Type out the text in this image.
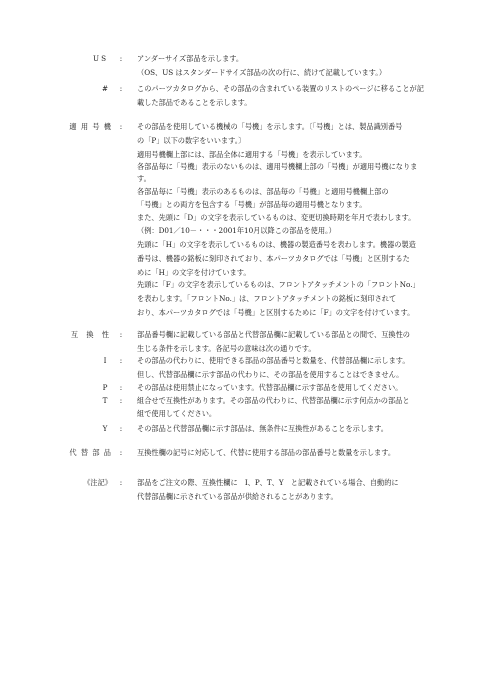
US : アンダーサイズ部品を示します。
（OS、US はスタンダードサイズ部品の次の行に、続けて記載しています。）
# : このパーツカタログから、その部品の含まれている装置のリストのページに移ることが記
載した部品であることを示します。
適 用 号 機 : その部品を使用している機械の「号機」を示します。〔「号機」とは、製品識別番号
の「P」以下の数字をいいます。〕
適用号機欄上部には、部品全体に適用する「号機」を表示しています。
各部品毎に「号機」表示のないものは、適用号機欄上部の「号機」が適用号機になりま
す。
各部品毎に「号機」表示のあるものは、部品毎の「号機」と適用号機欄上部の
「号機」との両方を包含する「号機」が部品毎の適用号機となります。
また、先頭に「D」の文字を表示しているものは、変更切換時期を年月で表わします。
（例：D01／10－・・・2001年10月以降この部品を使用。）
先頭に「H」の文字を表示しているものは、機器の製造番号を表わします。機器の製造
番号は、機器の銘板に刻印されており、本パーツカタログでは「号機」と区別するた
めに「H」の文字を付けています。
先頭に「F」の文字を表示しているものは、フロントアタッチメントの「フロントNo.」
を表わします。「フロントNo.」は、フロントアタッチメントの銘板に刻印されて
おり、本パーツカタログでは「号機」と区別するために「F」の文字を付けています。
互 換 性 : 部品番号欄に記載している部品と代替部品欄に記載している部品との間で、互換性の
生じる条件を示します。各記号の意味は次の通りです。
I	: その部品の代わりに、使用できる部品の部品番号と数量を、代替部品欄に示します。
但し、代替部品欄に示す部品の代わりに、その部品を使用することはできません。
P	: その部品は使用禁止になっています。代替部品欄に示す部品を使用してください。
T	: 組合せで互換性があります。その部品の代わりに、代替部品欄に示す何点かの部品と
組で使用してください。
Y	: その部品と代替部品欄に示す部品は、無条件に互換性があることを示します。
代 替 部 品 : 互換性欄の記号に対応して、代替に使用する部品の部品番号と数量を示します。
《注記》 : 部品をご注文の際、互換性欄に　I、P、T、Y　と記載されている場合、自動的に
代替部品欄に示されている部品が供給されることがあります。
